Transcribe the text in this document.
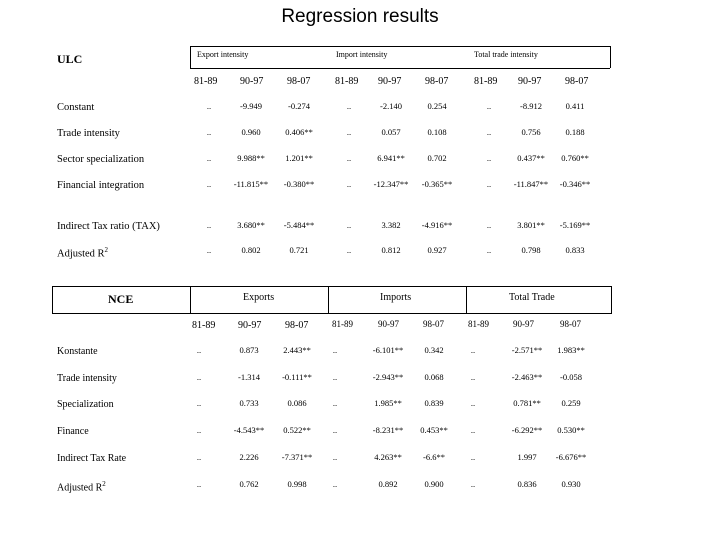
Regression results
ULC	Export intensity	Import intensity	Total trade intensity
81-89 90-97 98-07 81-89 90-97 98-07	81-89 90-97 98-07
Constant	..	-9.949	-0.274	..	-2.140	0.254	..	-8.912	0.411
Trade intensity	..	0.960	0.406**	..	0.057	0.108	..	0.756	0.188
Sector specialization	..	9.988**	1.201**	..	6.941**	0.702	..	0.437**	0.760**
Financial integration	..	-11.815**	-0.380**	..	-12.347**	-0.365**	..	-11.847**	-0.346**
Indirect Tax ratio (TAX)	..	3.680**	-5.484**	..	3.382	-4.916**	..	3.801**	-5.169**
Adjusted $R^2$	..	0.802	0.721	..	0.812	0.927	..	0.798	0.833
NCE	Exports	Imports	Total Trade
81-89 90-97 98-07	81-89	90-97	98-07	81-89	90-97	98-07
Konstante	..	0.873	2.443**	..	-6.101**	0.342	..	-2.571**	1.983**
Trade intensity	..	-1.314	-0.111**	..	-2.943**	0.068	..	-2.463**	-0.058
Specialization	..	0.733	0.086	..	1.985**	0.839	..	0.781**	0.259
Finance	..	-4.543**	0.522**	..	-8.231**	0.453**	..	-6.292**	0.530**
Indirect Tax Rate	..	2.226	-7.371**	..	4.263**	-6.6**	..	1.997	-6.676**
Adjusted $R^2$	..	0.762	0.998	..	0.892	0.900	..	0.836	0.930
